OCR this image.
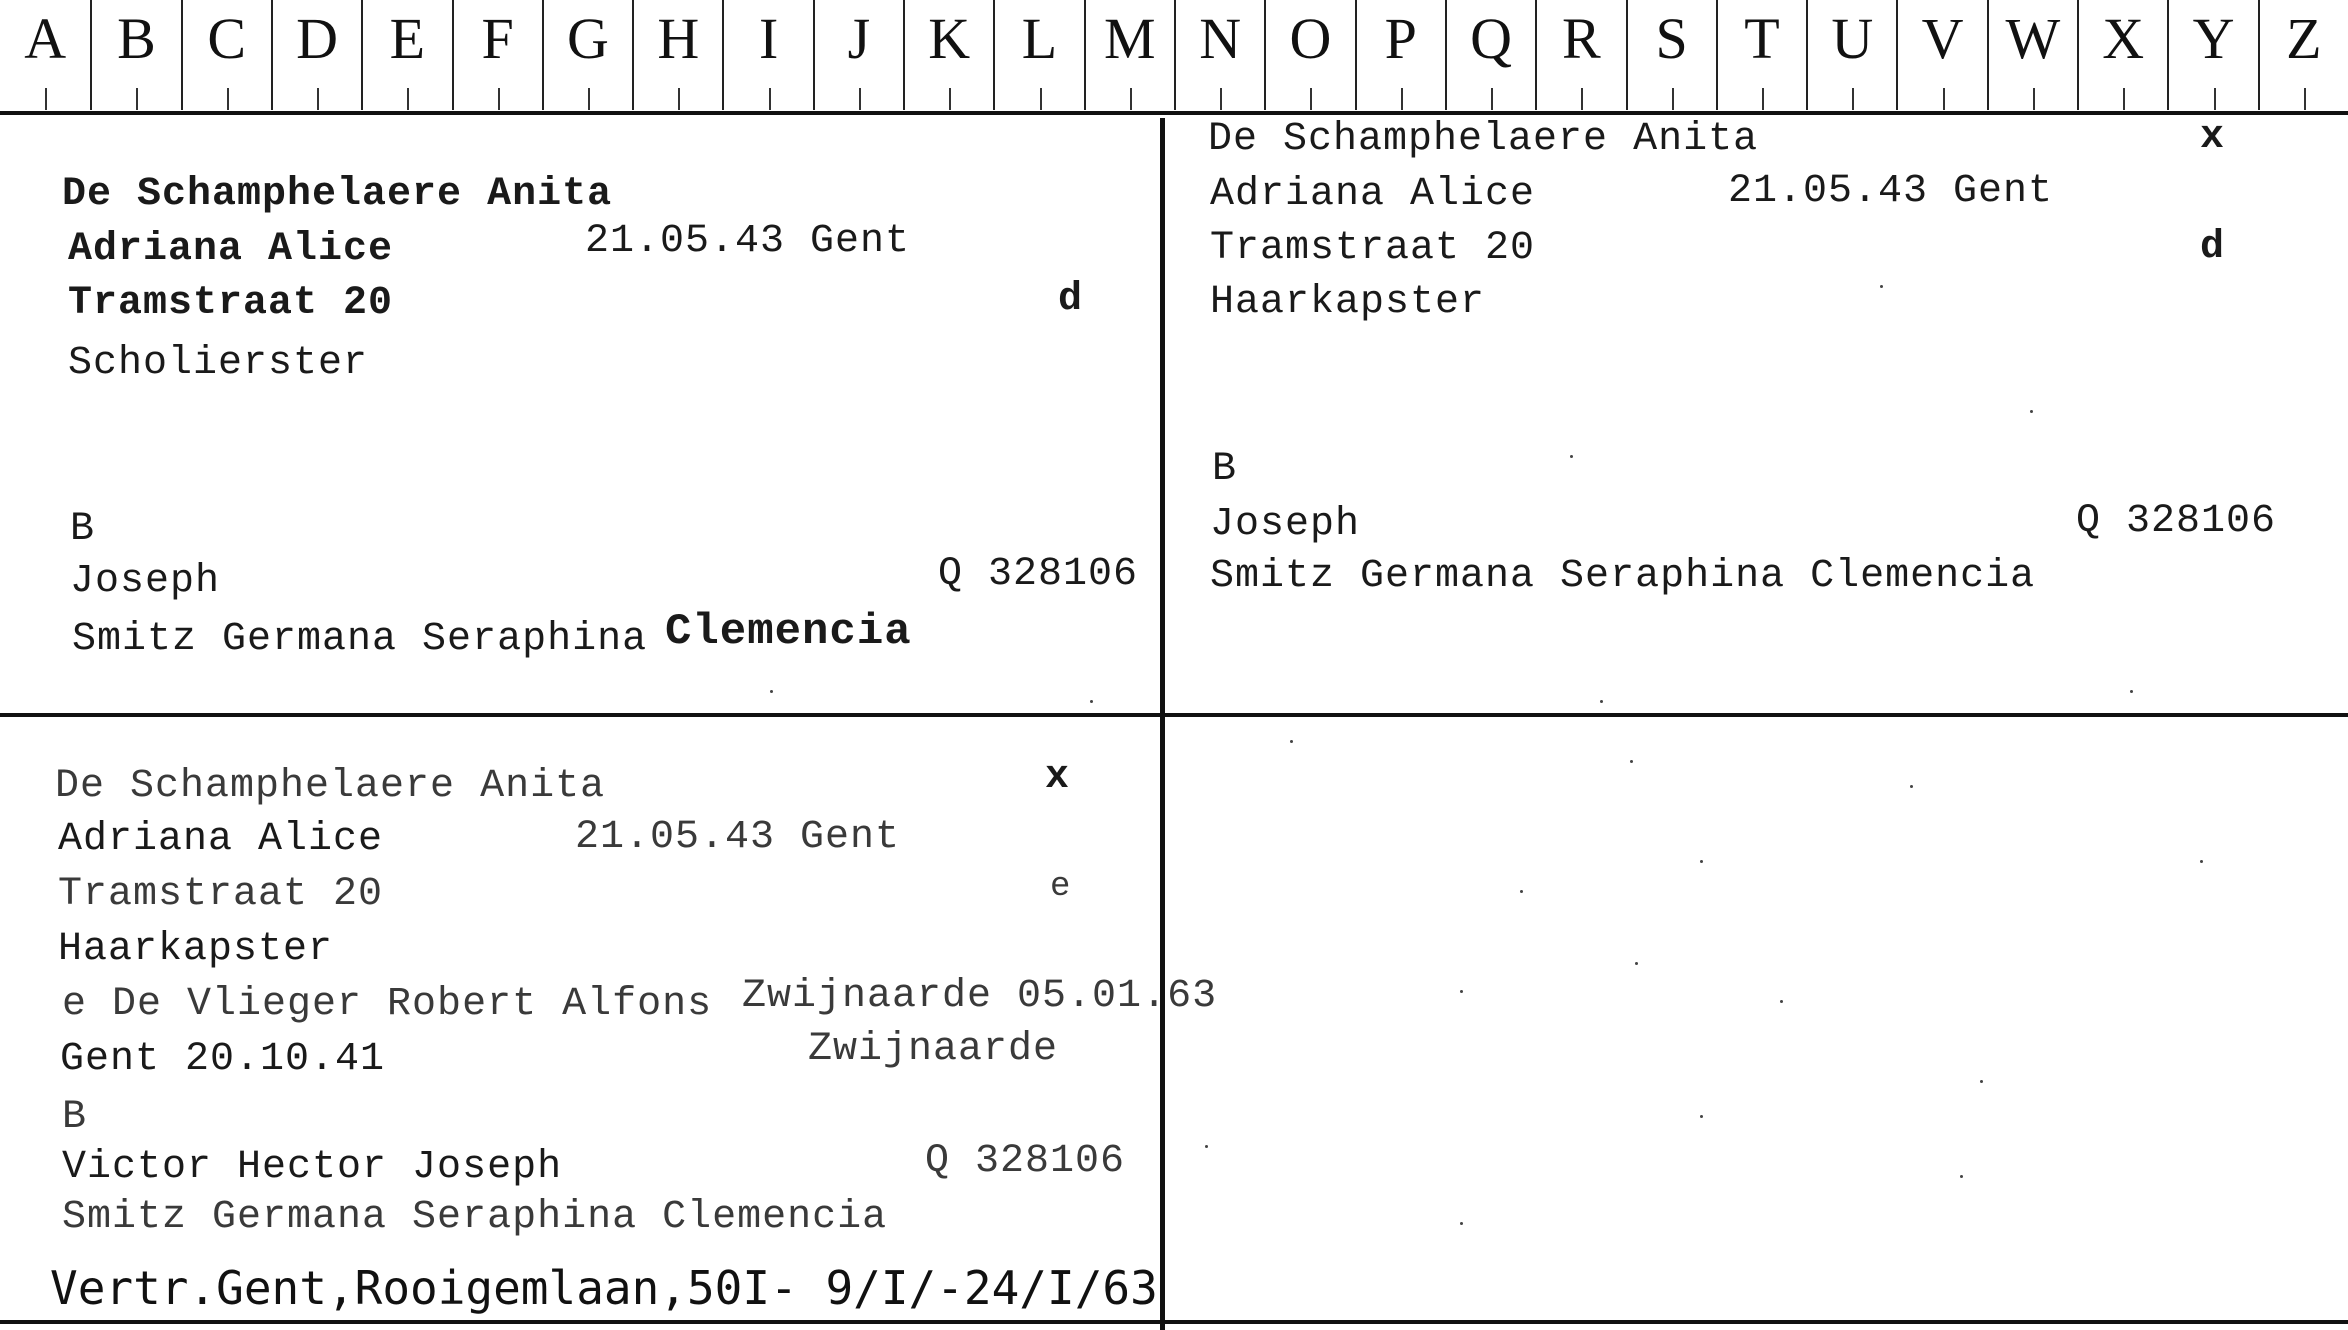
A B C D E F G H	I	J	K L M N O P Q R S T U V W X Y Z
De Schamphelaere Anita
Adriana Alice	21.05.43 Gent
Tramstraat 20	d
Scholierster
B
Joseph	Q 328106
Smitz Germana Seraphina Clemencia
De Schamphelaere Anita	x
Adriana Alice	21.05.43 Gent
Tramstraat 20	d
Haarkapster
B
Joseph	Q 328106
Smitz Germana Seraphina Clemencia
De Schamphelaere Anita	x
Adriana Alice	21.05.43 Gent
Tramstraat 20	e
Haarkapster
e De Vlieger Robert Alfons Zwijnaarde 05.01.63
Gent 20.10.41	Zwijnaarde
B
Victor Hector Joseph	Q 328106
Smitz Germana Seraphina Clemencia
Vertr.Gent,Rooigemlaan,50I- 9/I/-24/I/63
